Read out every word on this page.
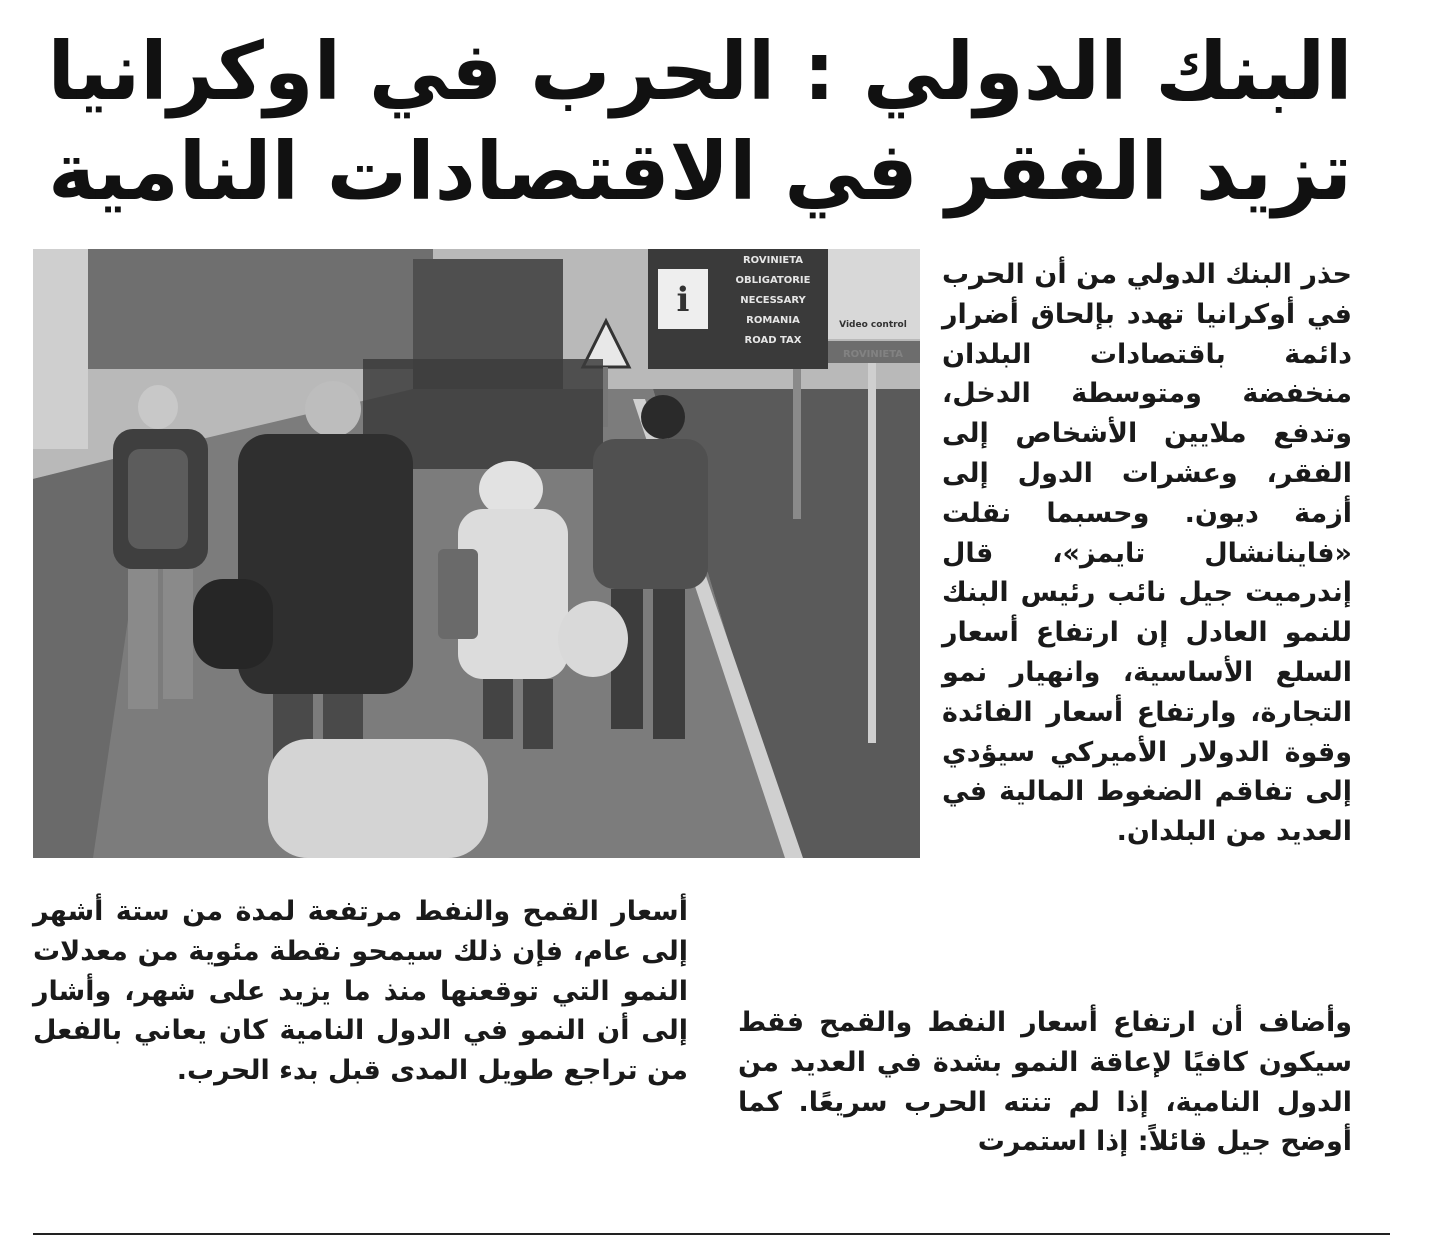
البنك الدولي : الحرب في اوكرانيا
تزيد الفقر في الاقتصادات النامية
i
ROVINIETA
OBLIGATORIE
NECESSARY
ROMANIA
ROAD TAX
Video control

حذر البنك الدولي من أن الحرب في أوكرانيا تهدد بإلحاق أضرار دائمة باقتصادات البلدان منخفضة ومتوسطة الدخل، وتدفع ملايين الأشخاص إلى الفقر، وعشرات الدول إلى أزمة ديون. وحسبما نقلت «فاينانشال تايمز»، قال إندرميت جيل نائب رئيس البنك للنمو العادل إن ارتفاع أسعار السلع الأساسية، وانهيار نمو التجارة، وارتفاع أسعار الفائدة وقوة الدولار الأميركي سيؤدي إلى تفاقم الضغوط المالية في العديد من البلدان.

وأضاف أن ارتفاع أسعار النفط والقمح فقط سيكون كافيًا لإعاقة النمو بشدة في العديد من الدول النامية، إذا لم تنته الحرب سريعًا. كما أوضح جيل قائلاً: إذا استمرت

أسعار القمح والنفط مرتفعة لمدة من ستة أشهر إلى عام، فإن ذلك سيمحو نقطة مئوية من معدلات النمو التي توقعنها منذ ما يزيد على شهر، وأشار إلى أن النمو في الدول النامية كان يعاني بالفعل من تراجع طويل المدى قبل بدء الحرب.
